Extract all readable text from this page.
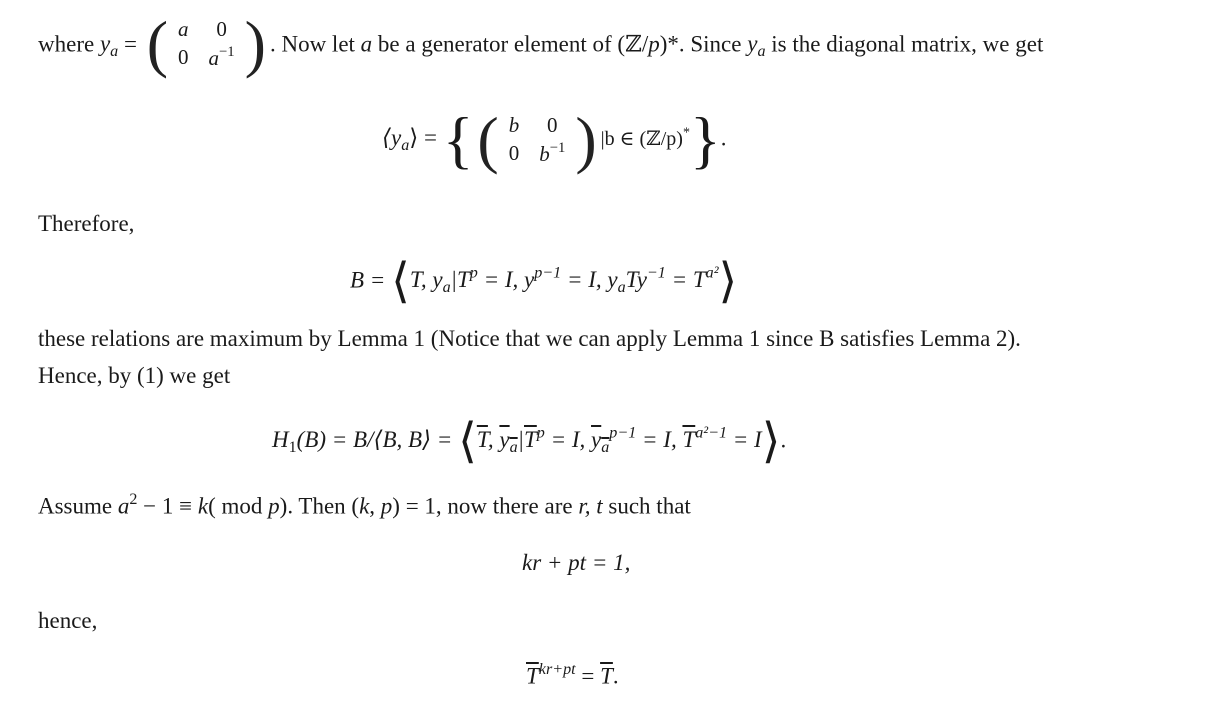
where $y_a$ = ( a	0
0	$a^{-1}$ ) . Now let a be a generator element of (ℤ/p)*. Since $y_a$ is the diagonal matrix, we get
$⟨y_a⟩$ = {( b	0
0	$b^{-1}$ ) |b ∈ (ℤ/p)*}.
Therefore,
B = ⟨T, $y_a|T^p = I$, $y^{p-1} = I$, $y_aTy^{-1}$ = $T^{a^2}⟩$
these relations are maximum by Lemma 1 (Notice that we can apply Lemma 1 since B satisfies Lemma 2).
Hence, by (1) we get
$H_1(B)$ = B/⟨B, B⟩ = $⟨\overline{T}$, $y_a|\overline{T}^p = I$, $y_a^{p-1} = I$, $\overline{T}^{a^2-1}$ = I⟩.
Assume $a^2 - 1 \equiv k$( mod p). Then (k, p) = 1, now there are r, t such that
kr + pt = 1,
hence,
$\overline{T}^{kr+pt} = \overline{T}$.
